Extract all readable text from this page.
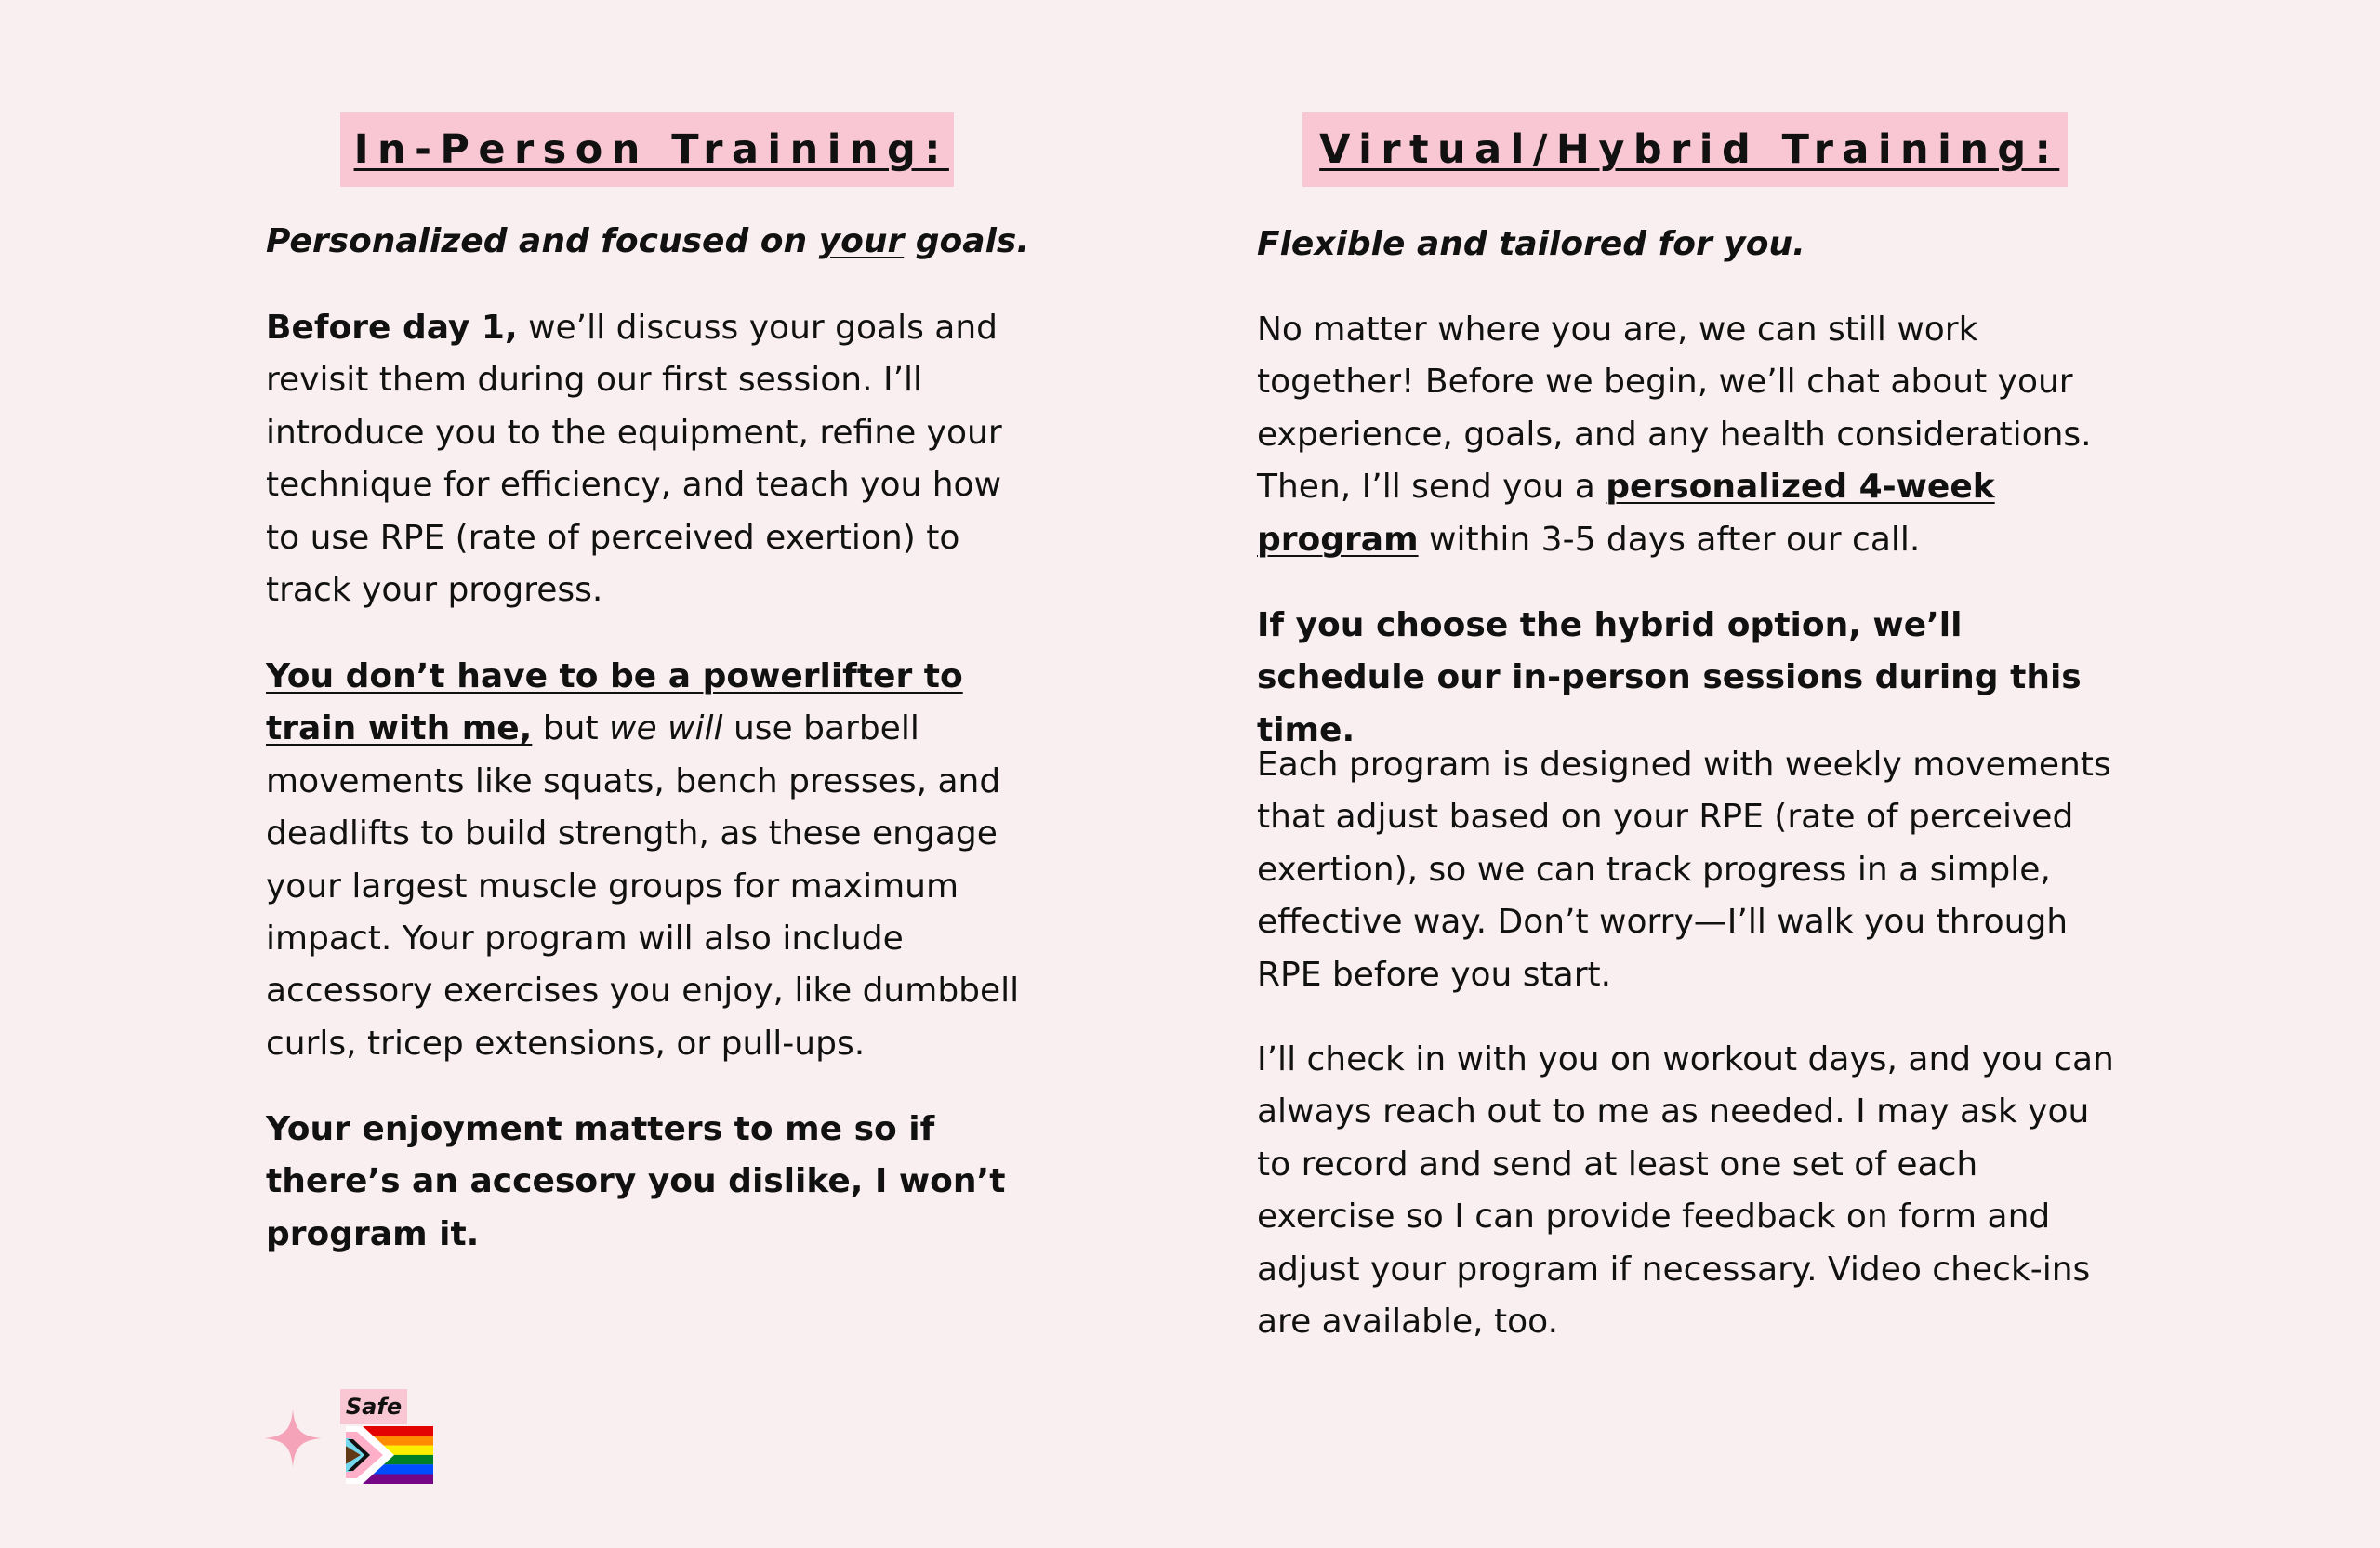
In-Person Training:
Personalized and focused on your goals.

Before day 1, we’ll discuss your goals and revisit them during our first session. I’ll introduce you to the equipment, refine your technique for efficiency, and teach you how to use RPE (rate of perceived exertion) to track your progress.

You don’t have to be a powerlifter to train with me, but we will use barbell movements like squats, bench presses, and deadlifts to build strength, as these engage your largest muscle groups for maximum impact. Your program will also include accessory exercises you enjoy, like dumbbell curls, tricep extensions, or pull-ups.

Your enjoyment matters to me so if there’s an accesory you dislike, I won’t program it.

Virtual/Hybrid Training:
Flexible and tailored for you.

No matter where you are, we can still work together! Before we begin, we’ll chat about your experience, goals, and any health considerations. Then, I’ll send you a personalized 4-week program within 3-5 days after our call.

If you choose the hybrid option, we’ll schedule our in-person sessions during this time.

Each program is designed with weekly movements that adjust based on your RPE (rate of perceived exertion), so we can track progress in a simple, effective way. Don’t worry—I’ll walk you through RPE before you start.

I’ll check in with you on workout days, and you can always reach out to me as needed. I may ask you to record and send at least one set of each exercise so I can provide feedback on form and adjust your program if necessary. Video check-ins are available, too.

Safe
